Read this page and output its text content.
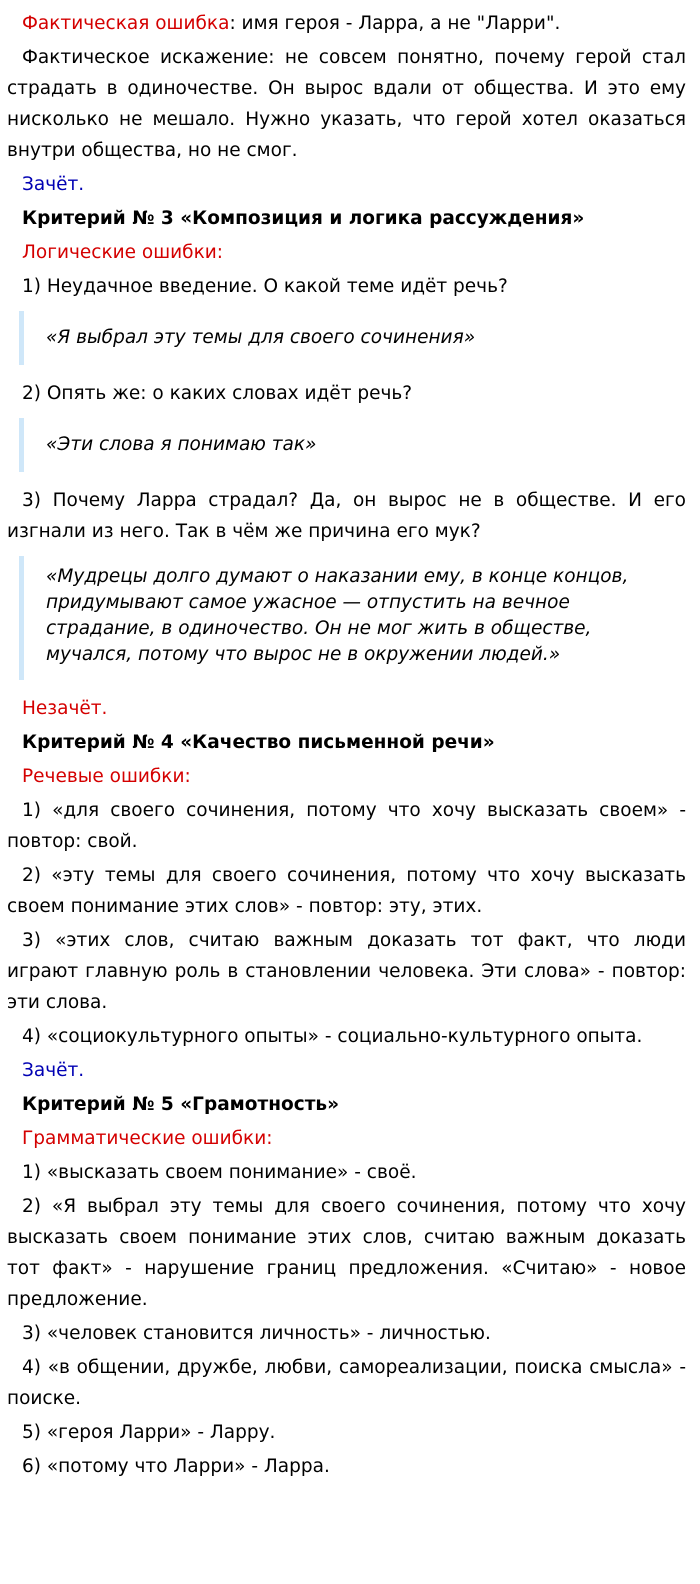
Фактическая ошибка: имя героя - Ларра, а не "Ларри".

Фактическое искажение: не совсем понятно, почему герой стал страдать в одиночестве. Он вырос вдали от общества. И это ему нисколько не мешало. Нужно указать, что герой хотел оказаться внутри общества, но не смог.

Зачёт.

Критерий № 3 «Композиция и логика рассуждения»

Логические ошибки:

1) Неудачное введение. О какой теме идёт речь?

«Я выбрал эту темы для своего сочинения»

2) Опять же: о каких словах идёт речь?

«Эти слова я понимаю так»

3) Почему Ларра страдал? Да, он вырос не в обществе. И его изгнали из него. Так в чём же причина его мук?

«Мудрецы долго думают о наказании ему, в конце концов, придумывают самое ужасное — отпустить на вечное страдание, в одиночество. Он не мог жить в обществе, мучался, потому что вырос не в окружении людей.»

Незачёт.

Критерий № 4 «Качество письменной речи»

Речевые ошибки:

1) «для своего сочинения, потому что хочу высказать своем» - повтор: свой.

2) «эту темы для своего сочинения, потому что хочу высказать своем понимание этих слов» - повтор: эту, этих.

3) «этих слов, считаю важным доказать тот факт, что люди играют главную роль в становлении человека. Эти слова» - повтор: эти слова.

4) «социокультурного опыты» - социально-культурного опыта.

Зачёт.

Критерий № 5 «Грамотность»

Грамматические ошибки:

1) «высказать своем понимание» - своё.

2) «Я выбрал эту темы для своего сочинения, потому что хочу высказать своем понимание этих слов, считаю важным доказать тот факт» - нарушение границ предложения. «Считаю» - новое предложение.

3) «человек становится личность» - личностью.

4) «в общении, дружбе, любви, самореализации, поиска смысла» - поиске.

5) «героя Ларри» - Ларру.

6) «потому что Ларри» - Ларра.
